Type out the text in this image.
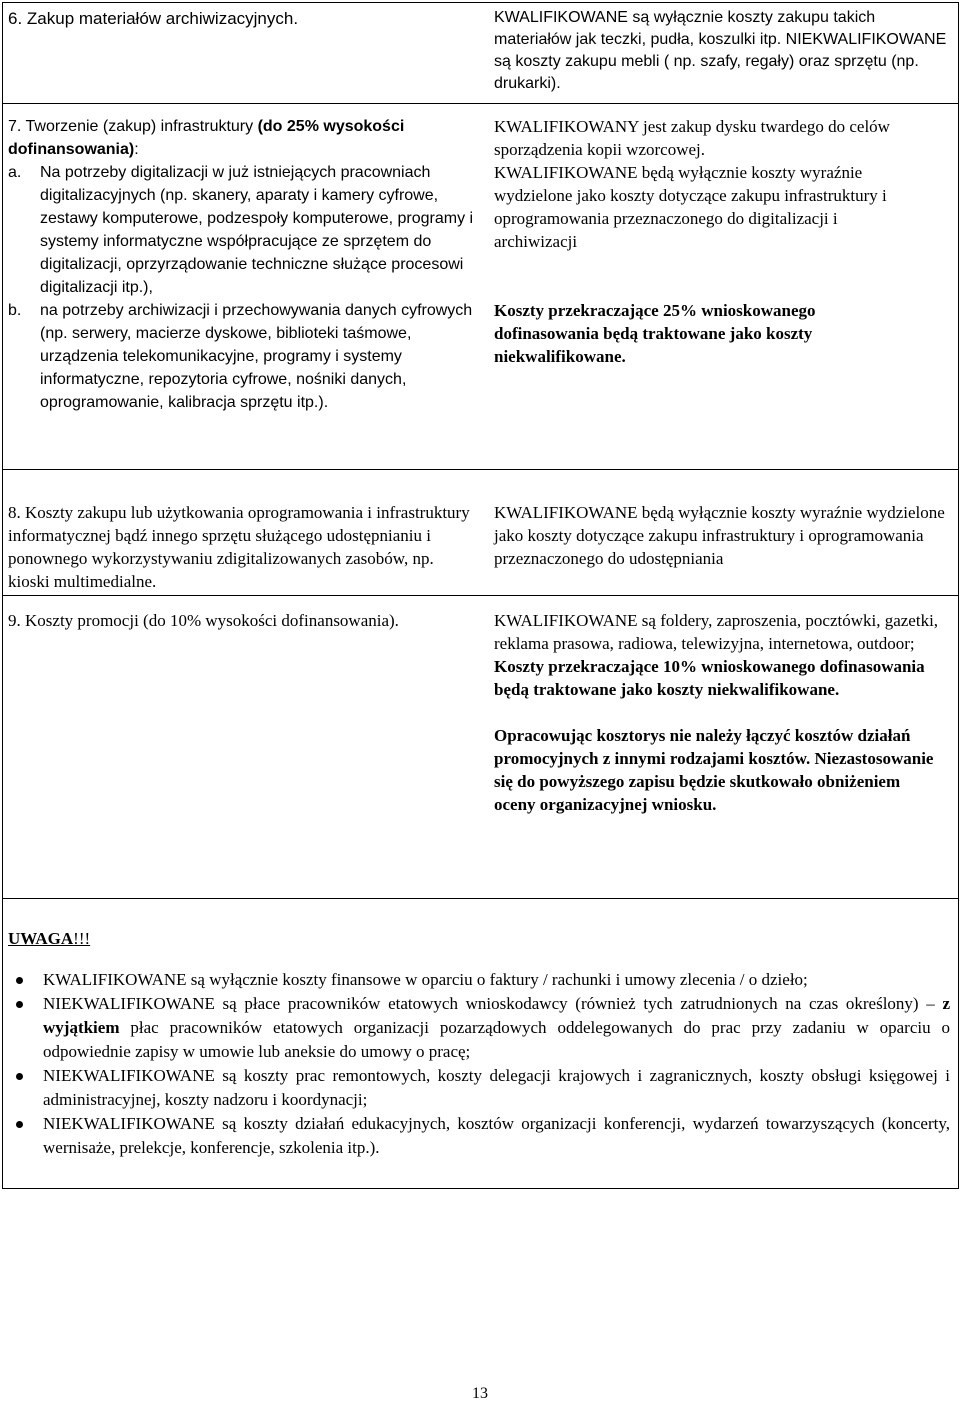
6. Zakup materiałów archiwizacyjnych.	KWALIFIKOWANE są wyłącznie koszty zakupu takich materiałów jak teczki, pudła, koszulki itp. NIEKWALIFIKOWANE są koszty zakupu mebli ( np. szafy, regały) oraz sprzętu (np. drukarki).

7. Tworzenie (zakup) infrastruktury (do 25% wysokości dofinansowania):

a. Na potrzeby digitalizacji w już istniejących pracowniach digitalizacyjnych (np. skanery, aparaty i kamery cyfrowe, zestawy komputerowe, podzespoły komputerowe, programy i systemy informatyczne współpracujące ze sprzętem do digitalizacji, oprzyrządowanie techniczne służące procesowi digitalizacji itp.),
b. na potrzeby archiwizacji i przechowywania danych cyfrowych (np. serwery, macierze dyskowe, biblioteki taśmowe, urządzenia telekomunikacyjne, programy i systemy informatyczne, repozytoria cyfrowe, nośniki danych, oprogramowanie, kalibracja sprzętu itp.).

KWALIFIKOWANY jest zakup dysku twardego do celów sporządzenia kopii wzorcowej.

KWALIFIKOWANE będą wyłącznie koszty wyraźnie wydzielone jako koszty dotyczące zakupu infrastruktury i oprogramowania przeznaczonego do digitalizacji i archiwizacji

Koszty przekraczające 25% wnioskowanego dofinasowania będą traktowane jako koszty niekwalifikowane.

8. Koszty zakupu lub użytkowania oprogramowania i infrastruktury informatycznej bądź innego sprzętu służącego udostępnianiu i ponownego wykorzystywaniu zdigitalizowanych zasobów, np. kioski multimedialne.

KWALIFIKOWANE będą wyłącznie koszty wyraźnie wydzielone jako koszty dotyczące zakupu infrastruktury i oprogramowania przeznaczonego do udostępniania

9. Koszty promocji (do 10% wysokości dofinansowania).	KWALIFIKOWANE są foldery, zaproszenia, pocztówki, gazetki, reklama prasowa, radiowa, telewizyjna, internetowa, outdoor;

Koszty przekraczające 10% wnioskowanego dofinasowania będą traktowane jako koszty niekwalifikowane.

Opracowując kosztorys nie należy łączyć kosztów działań promocyjnych z innymi rodzajami kosztów. Niezastosowanie się do powyższego zapisu będzie skutkowało obniżeniem oceny organizacyjnej wniosku.

UWAGA!!!

KWALIFIKOWANE są wyłącznie koszty finansowe w oparciu o faktury / rachunki i umowy zlecenia / o dzieło;
NIEKWALIFIKOWANE są płace pracowników etatowych wnioskodawcy (również tych zatrudnionych na czas określony) – z wyjątkiem płac pracowników etatowych organizacji pozarządowych oddelegowanych do prac przy zadaniu w oparciu o odpowiednie zapisy w umowie lub aneksie do umowy o pracę;
NIEKWALIFIKOWANE są koszty prac remontowych, koszty delegacji krajowych i zagranicznych, koszty obsługi księgowej i administracyjnej, koszty nadzoru i koordynacji;
NIEKWALIFIKOWANE są koszty działań edukacyjnych, kosztów organizacji konferencji, wydarzeń towarzyszących (koncerty, wernisaże, prelekcje, konferencje, szkolenia itp.).
13
